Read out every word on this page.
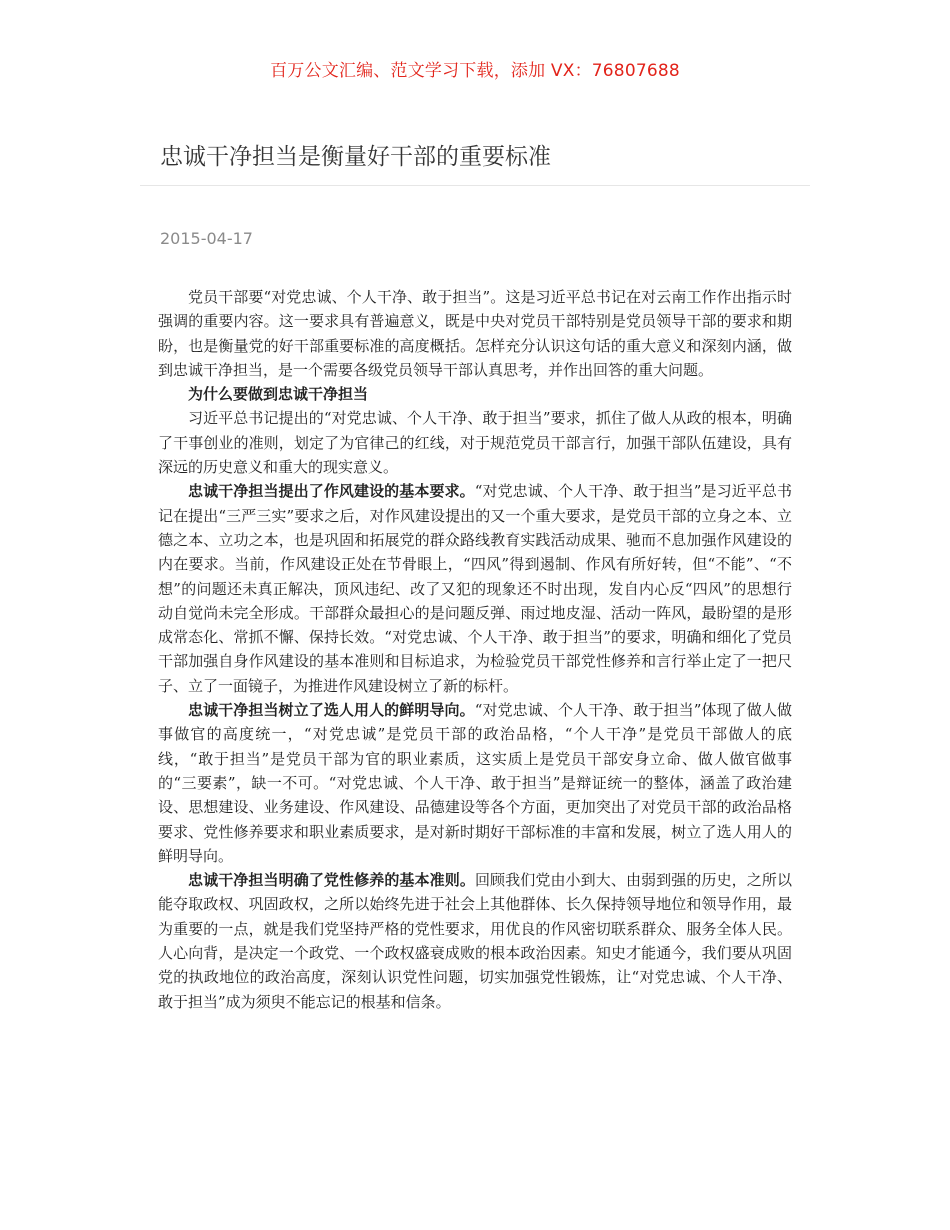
百万公文汇编、范文学习下载，添加 VX：76807688
忠诚干净担当是衡量好干部的重要标准
2015-04-17

党员干部要“对党忠诚、个人干净、敢于担当”。这是习近平总书记在对云南工作作出指示时强调的重要内容。这一要求具有普遍意义，既是中央对党员干部特别是党员领导干部的要求和期盼，也是衡量党的好干部重要标准的高度概括。怎样充分认识这句话的重大意义和深刻内涵，做到忠诚干净担当，是一个需要各级党员领导干部认真思考，并作出回答的重大问题。

为什么要做到忠诚干净担当

习近平总书记提出的“对党忠诚、个人干净、敢于担当”要求，抓住了做人从政的根本，明确了干事创业的准则，划定了为官律己的红线，对于规范党员干部言行，加强干部队伍建设，具有深远的历史意义和重大的现实意义。

忠诚干净担当提出了作风建设的基本要求。“对党忠诚、个人干净、敢于担当”是习近平总书记在提出“三严三实”要求之后，对作风建设提出的又一个重大要求，是党员干部的立身之本、立德之本、立功之本，也是巩固和拓展党的群众路线教育实践活动成果、驰而不息加强作风建设的内在要求。当前，作风建设正处在节骨眼上，“四风”得到遏制、作风有所好转，但“不能”、“不想”的问题还未真正解决，顶风违纪、改了又犯的现象还不时出现，发自内心反“四风”的思想行动自觉尚未完全形成。干部群众最担心的是问题反弹、雨过地皮湿、活动一阵风，最盼望的是形成常态化、常抓不懈、保持长效。“对党忠诚、个人干净、敢于担当”的要求，明确和细化了党员干部加强自身作风建设的基本准则和目标追求，为检验党员干部党性修养和言行举止定了一把尺子、立了一面镜子，为推进作风建设树立了新的标杆。

忠诚干净担当树立了选人用人的鲜明导向。“对党忠诚、个人干净、敢于担当”体现了做人做事做官的高度统一，“对党忠诚”是党员干部的政治品格，“个人干净”是党员干部做人的底线，“敢于担当”是党员干部为官的职业素质，这实质上是党员干部安身立命、做人做官做事的“三要素”，缺一不可。“对党忠诚、个人干净、敢于担当”是辩证统一的整体，涵盖了政治建设、思想建设、业务建设、作风建设、品德建设等各个方面，更加突出了对党员干部的政治品格要求、党性修养要求和职业素质要求，是对新时期好干部标准的丰富和发展，树立了选人用人的鲜明导向。

忠诚干净担当明确了党性修养的基本准则。回顾我们党由小到大、由弱到强的历史，之所以能夺取政权、巩固政权，之所以始终先进于社会上其他群体、长久保持领导地位和领导作用，最为重要的一点，就是我们党坚持严格的党性要求，用优良的作风密切联系群众、服务全体人民。人心向背，是决定一个政党、一个政权盛衰成败的根本政治因素。知史才能通今，我们要从巩固党的执政地位的政治高度，深刻认识党性问题，切实加强党性锻炼，让“对党忠诚、个人干净、敢于担当”成为须臾不能忘记的根基和信条。
